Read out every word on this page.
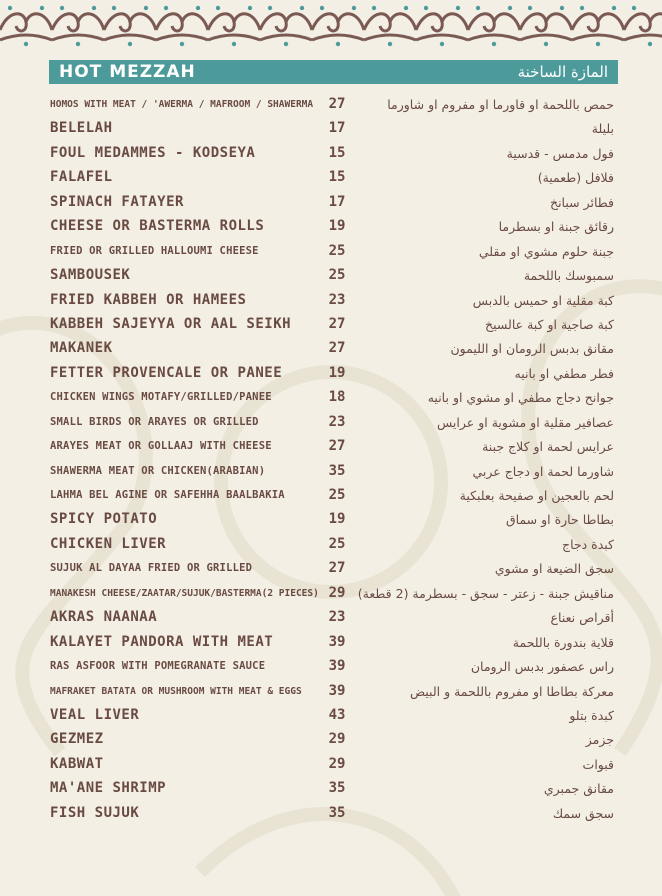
HOT MEZZAH	المازة الساخنة
HOMOS WITH MEAT / 'AWERMA / MAFROOM / SHAWERMA	27	حمص باللحمة او قاورما او مفروم او شاورما
BELELAH	17	بليلة
FOUL MEDAMMES - KODSEYA	15	فول مدمس - قدسية
FALAFEL	15	فلافل (طعمية)
SPINACH FATAYER	17	فطائر سبانخ
CHEESE OR BASTERMA ROLLS	19	رقائق جبنة او بسطرما
FRIED OR GRILLED HALLOUMI CHEESE	25	جبنة حلوم مشوي او مقلي
SAMBOUSEK	25	سمبوسك باللحمة
FRIED KABBEH OR HAMEES	23	كبة مقلية او حميس بالدبس
KABBEH SAJEYYA OR AAL SEIKH	27	كبة صاجية او كبة عالسيخ
MAKANEK	27	مقانق بدبس الرومان او الليمون
FETTER PROVENCALE OR PANEE	19	فطر مطفي او بانيه
CHICKEN WINGS MOTAFY/GRILLED/PANEE	18	جوانح دجاج مطفي او مشوي او بانيه
SMALL BIRDS OR ARAYES OR GRILLED	23	عصافير مقلية او مشوية او عرايس
ARAYES MEAT OR GOLLAAJ WITH CHEESE	27	عرايس لحمة او كلاج جبنة
SHAWERMA MEAT OR CHICKEN(ARABIAN)	35	شاورما لحمة او دجاج عربي
LAHMA BEL AGINE OR SAFEHHA BAALBAKIA	25	لحم بالعجين او صفيحة بعلبكية
SPICY POTATO	19	بطاطا حارة او سماق
CHICKEN LIVER	25	كبدة دجاج
SUJUK AL DAYAA FRIED OR GRILLED	27	سجق الضيعة او مشوي
MANAKESH CHEESE/ZAATAR/SUJUK/BASTERMA(2 PIECES) 29 مناقيش جبنة - زعتر - سجق - بسطرمة (2 قطعة)
AKRAS NAANAA	23	أقراص نعناع
KALAYET PANDORA WITH MEAT	39	قلاية بندورة باللحمة
RAS ASFOOR WITH POMEGRANATE SAUCE	39	راس عصفور بدبس الرومان
MAFRAKET BATATA OR MUSHROOM WITH MEAT & EGGS	39	معركة بطاطا او مفروم باللحمة و البيض
VEAL LIVER	43	كبدة بتلو
GEZMEZ	29	جزمز
KABWAT	29	قبوات
MA'ANE SHRIMP	35	مقانق جمبري
FISH SUJUK	35	سجق سمك
